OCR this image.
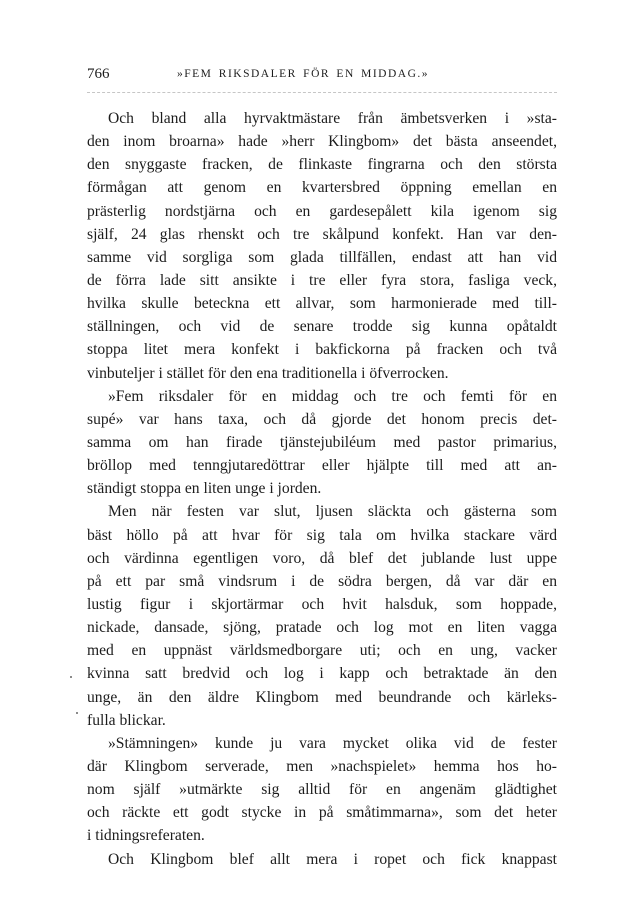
766	»FEM RIKSDALER FÖR EN MIDDAG.»
Och bland alla hyrvaktmästare från ämbetsverken i »sta-
den inom broarna» hade »herr Klingbom» det bästa anseendet,
den snyggaste fracken, de flinkaste fingrarna och den största
förmågan att genom en kvartersbred öppning emellan en
prästerlig nordstjärna och en gardesepålett kila igenom sig
själf, 24 glas rhenskt och tre skålpund konfekt. Han var den-
samme vid sorgliga som glada tillfällen, endast att han vid
de förra lade sitt ansikte i tre eller fyra stora, fasliga veck,
hvilka skulle beteckna ett allvar, som harmonierade med till-
ställningen, och vid de senare trodde sig kunna opåtaldt
stoppa litet mera konfekt i bakfickorna på fracken och två
vinbuteljer i stället för den ena traditionella i öfverrocken.
»Fem riksdaler för en middag och tre och femti för en
supé» var hans taxa, och då gjorde det honom precis det-
samma om han firade tjänstejubiléum med pastor primarius,
bröllop med tenngjutaredöttrar eller hjälpte till med att an-
ständigt stoppa en liten unge i jorden.
Men när festen var slut, ljusen släckta och gästerna som
bäst höllo på att hvar för sig tala om hvilka stackare värd
och värdinna egentligen voro, då blef det jublande lust uppe
på ett par små vindsrum i de södra bergen, då var där en
lustig figur i skjortärmar och hvit halsduk, som hoppade,
nickade, dansade, sjöng, pratade och log mot en liten vagga
med en uppnäst världsmedborgare uti; och en ung, vacker
kvinna satt bredvid och log i kapp och betraktade än den
unge, än den äldre Klingbom med beundrande och kärleks-
fulla blickar.
»Stämningen» kunde ju vara mycket olika vid de fester
där Klingbom serverade, men »nachspielet» hemma hos ho-
nom själf »utmärkte sig alltid för en angenäm glädtighet
och räckte ett godt stycke in på småtimmarna», som det heter
i tidningsreferaten.
Och Klingbom blef allt mera i ropet och fick knappast
